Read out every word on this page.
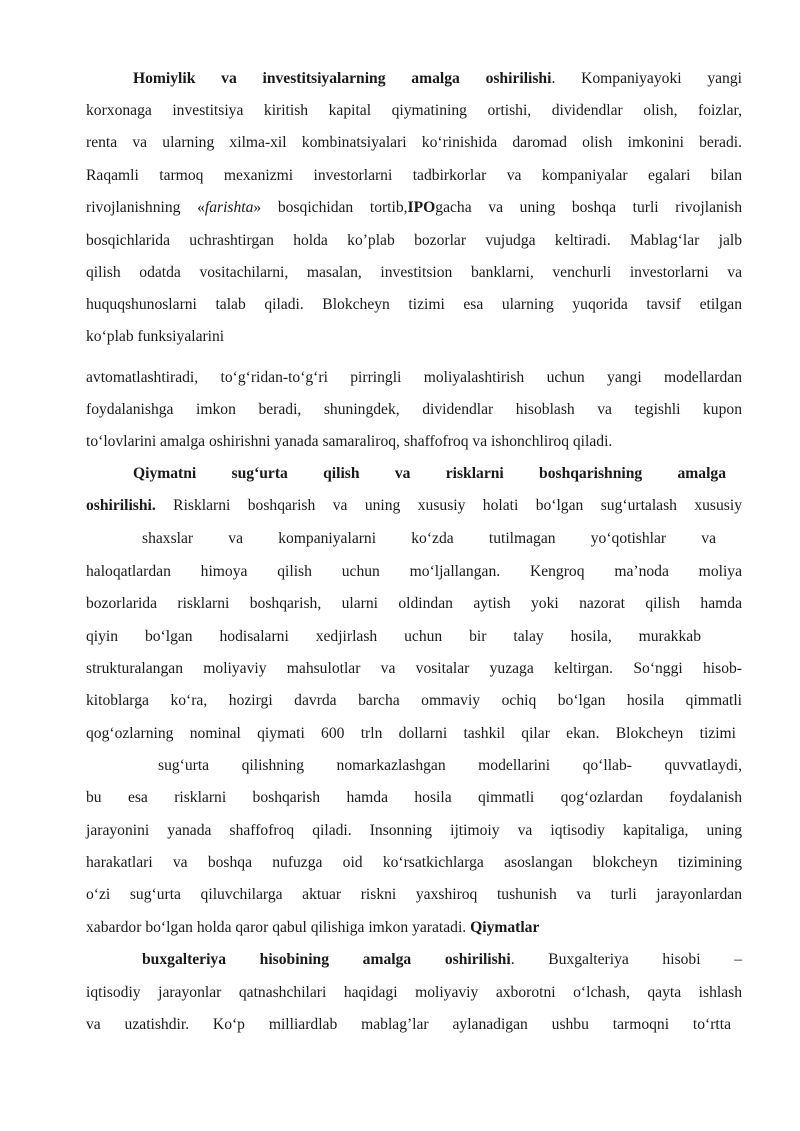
Homiylik va investitsiyalarning amalga oshirilishi. Kompaniyayoki yangi
korxonaga investitsiya kiritish kapital qiymatining ortishi, dividendlar olish, foizlar,
renta va ularning xilma-xil kombinatsiyalari koʻrinishida daromad olish imkonini beradi.
Raqamli tarmoq mexanizmi investorlarni tadbirkorlar va kompaniyalar egalari bilan
rivojlanishning «farishta» bosqichidan tortib,IPOgacha va uning boshqa turli rivojlanish
bosqichlarida uchrashtirgan holda ko’plab bozorlar vujudga keltiradi. Mablagʻlar jalb
qilish odatda vositachilarni, masalan, investitsion banklarni, venchurli investorlarni va
huquqshunoslarni talab qiladi. Blokcheyn tizimi esa ularning yuqorida tavsif etilgan
koʻplab funksiyalarini
avtomatlashtiradi, toʻgʻridan-toʻgʻri pirringli moliyalashtirish uchun yangi modellardan
foydalanishga imkon beradi, shuningdek, dividendlar hisoblash va tegishli kupon
toʻlovlarini amalga oshirishni yanada samaraliroq, shaffofroq va ishonchliroq qiladi.
Qiymatni sugʻurta qilish va risklarni boshqarishning amalga
oshirilishi. Risklarni boshqarish va uning xususiy holati boʻlgan sugʻurtalash xususiy
shaxslar va kompaniyalarni koʻzda tutilmagan yoʻqotishlar va
haloqatlardan himoya qilish uchun moʻljallangan. Kengroq ma’noda moliya
bozorlarida risklarni boshqarish, ularni oldindan aytish yoki nazorat qilish hamda
qiyin boʻlgan hodisalarni xedjirlash uchun bir talay hosila, murakkab
strukturalangan moliyaviy mahsulotlar va vositalar yuzaga keltirgan. Soʻnggi hisob-
kitoblarga koʻra, hozirgi davrda barcha ommaviy ochiq boʻlgan hosila qimmatli
qogʻozlarning nominal qiymati 600 trln dollarni tashkil qilar ekan. Blokcheyn tizimi
sugʻurta qilishning nomarkazlashgan modellarini qoʻllab- quvvatlaydi,
bu esa risklarni boshqarish hamda hosila qimmatli qogʻozlardan foydalanish
jarayonini yanada shaffofroq qiladi. Insonning ijtimoiy va iqtisodiy kapitaliga, uning
harakatlari va boshqa nufuzga oid koʻrsatkichlarga asoslangan blokcheyn tizimining
oʻzi sugʻurta qiluvchilarga aktuar riskni yaxshiroq tushunish va turli jarayonlardan
xabardor boʻlgan holda qaror qabul qilishiga imkon yaratadi. Qiymatlar
buxgalteriya hisobining amalga oshirilishi. Buxgalteriya hisobi –
iqtisodiy jarayonlar qatnashchilari haqidagi moliyaviy axborotni oʻlchash, qayta ishlash
va uzatishdir. Koʻp milliardlab mablag’lar aylanadigan ushbu tarmoqni toʻrtta
